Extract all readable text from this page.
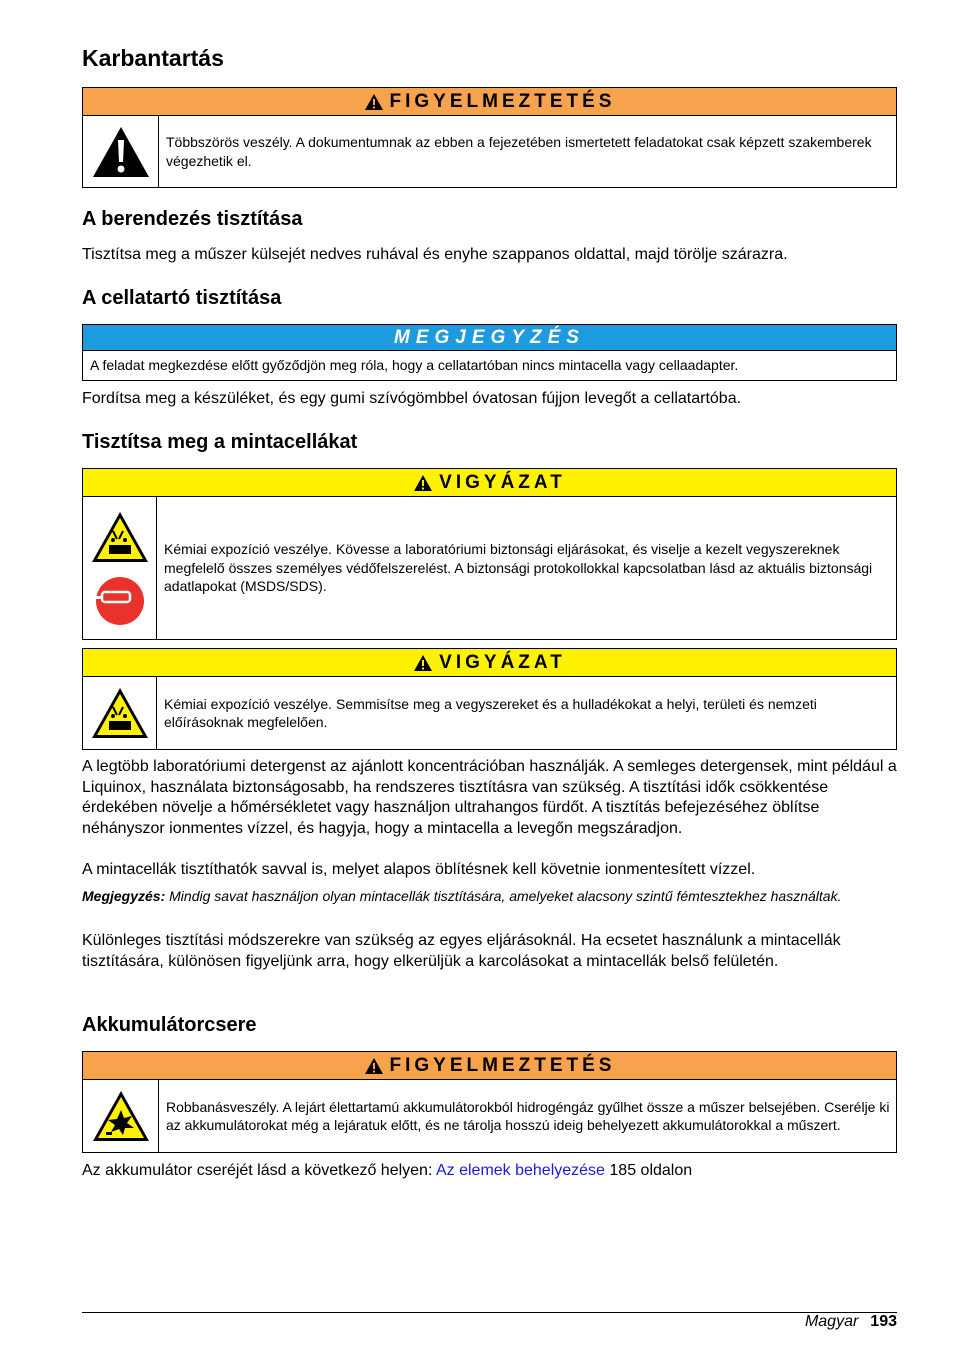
Karbantartás
FIGYELMEZTETÉS
Többszörös veszély. A dokumentumnak az ebben a fejezetében ismertetett feladatokat csak képzett szakemberek végezhetik el.
A berendezés tisztítása

Tisztítsa meg a műszer külsejét nedves ruhával és enyhe szappanos oldattal, majd törölje szárazra.

A cellatartó tisztítása
MEGJEGYZÉS
A feladat megkezdése előtt győződjön meg róla, hogy a cellatartóban nincs mintacella vagy cellaadapter.

Fordítsa meg a készüléket, és egy gumi szívógömbbel óvatosan fújjon levegőt a cellatartóba.

Tisztítsa meg a mintacellákat
VIGYÁZAT
Kémiai expozíció veszélye. Kövesse a laboratóriumi biztonsági eljárásokat, és viselje a kezelt vegyszereknek megfelelő összes személyes védőfelszerelést. A biztonsági protokollokkal kapcsolatban lásd az aktuális biztonsági adatlapokat (MSDS/SDS).
VIGYÁZAT
Kémiai expozíció veszélye. Semmisítse meg a vegyszereket és a hulladékokat a helyi, területi és nemzeti előírásoknak megfelelően.

A legtöbb laboratóriumi detergenst az ajánlott koncentrációban használják. A semleges detergensek, mint például a Liquinox, használata biztonságosabb, ha rendszeres tisztításra van szükség. A tisztítási idők csökkentése érdekében növelje a hőmérsékletet vagy használjon ultrahangos fürdőt. A tisztítás befejezéséhez öblítse néhányszor ionmentes vízzel, és hagyja, hogy a mintacella a levegőn megszáradjon.

A mintacellák tisztíthatók savval is, melyet alapos öblítésnek kell követnie ionmentesített vízzel.

Megjegyzés: Mindig savat használjon olyan mintacellák tisztítására, amelyeket alacsony szintű fémtesztekhez használtak.

Különleges tisztítási módszerekre van szükség az egyes eljárásoknál. Ha ecsetet használunk a mintacellák tisztítására, különösen figyeljünk arra, hogy elkerüljük a karcolásokat a mintacellák belső felületén.

Akkumulátorcsere
FIGYELMEZTETÉS
Robbanásveszély. A lejárt élettartamú akkumulátorokból hidrogéngáz gyűlhet össze a műszer belsejében. Cserélje ki az akkumulátorokat még a lejáratuk előtt, és ne tárolja hosszú ideig behelyezett akkumulátorokkal a műszert.

Az akkumulátor cseréjét lásd a következő helyen: Az elemek behelyezése 185 oldalon

Magyar 193
